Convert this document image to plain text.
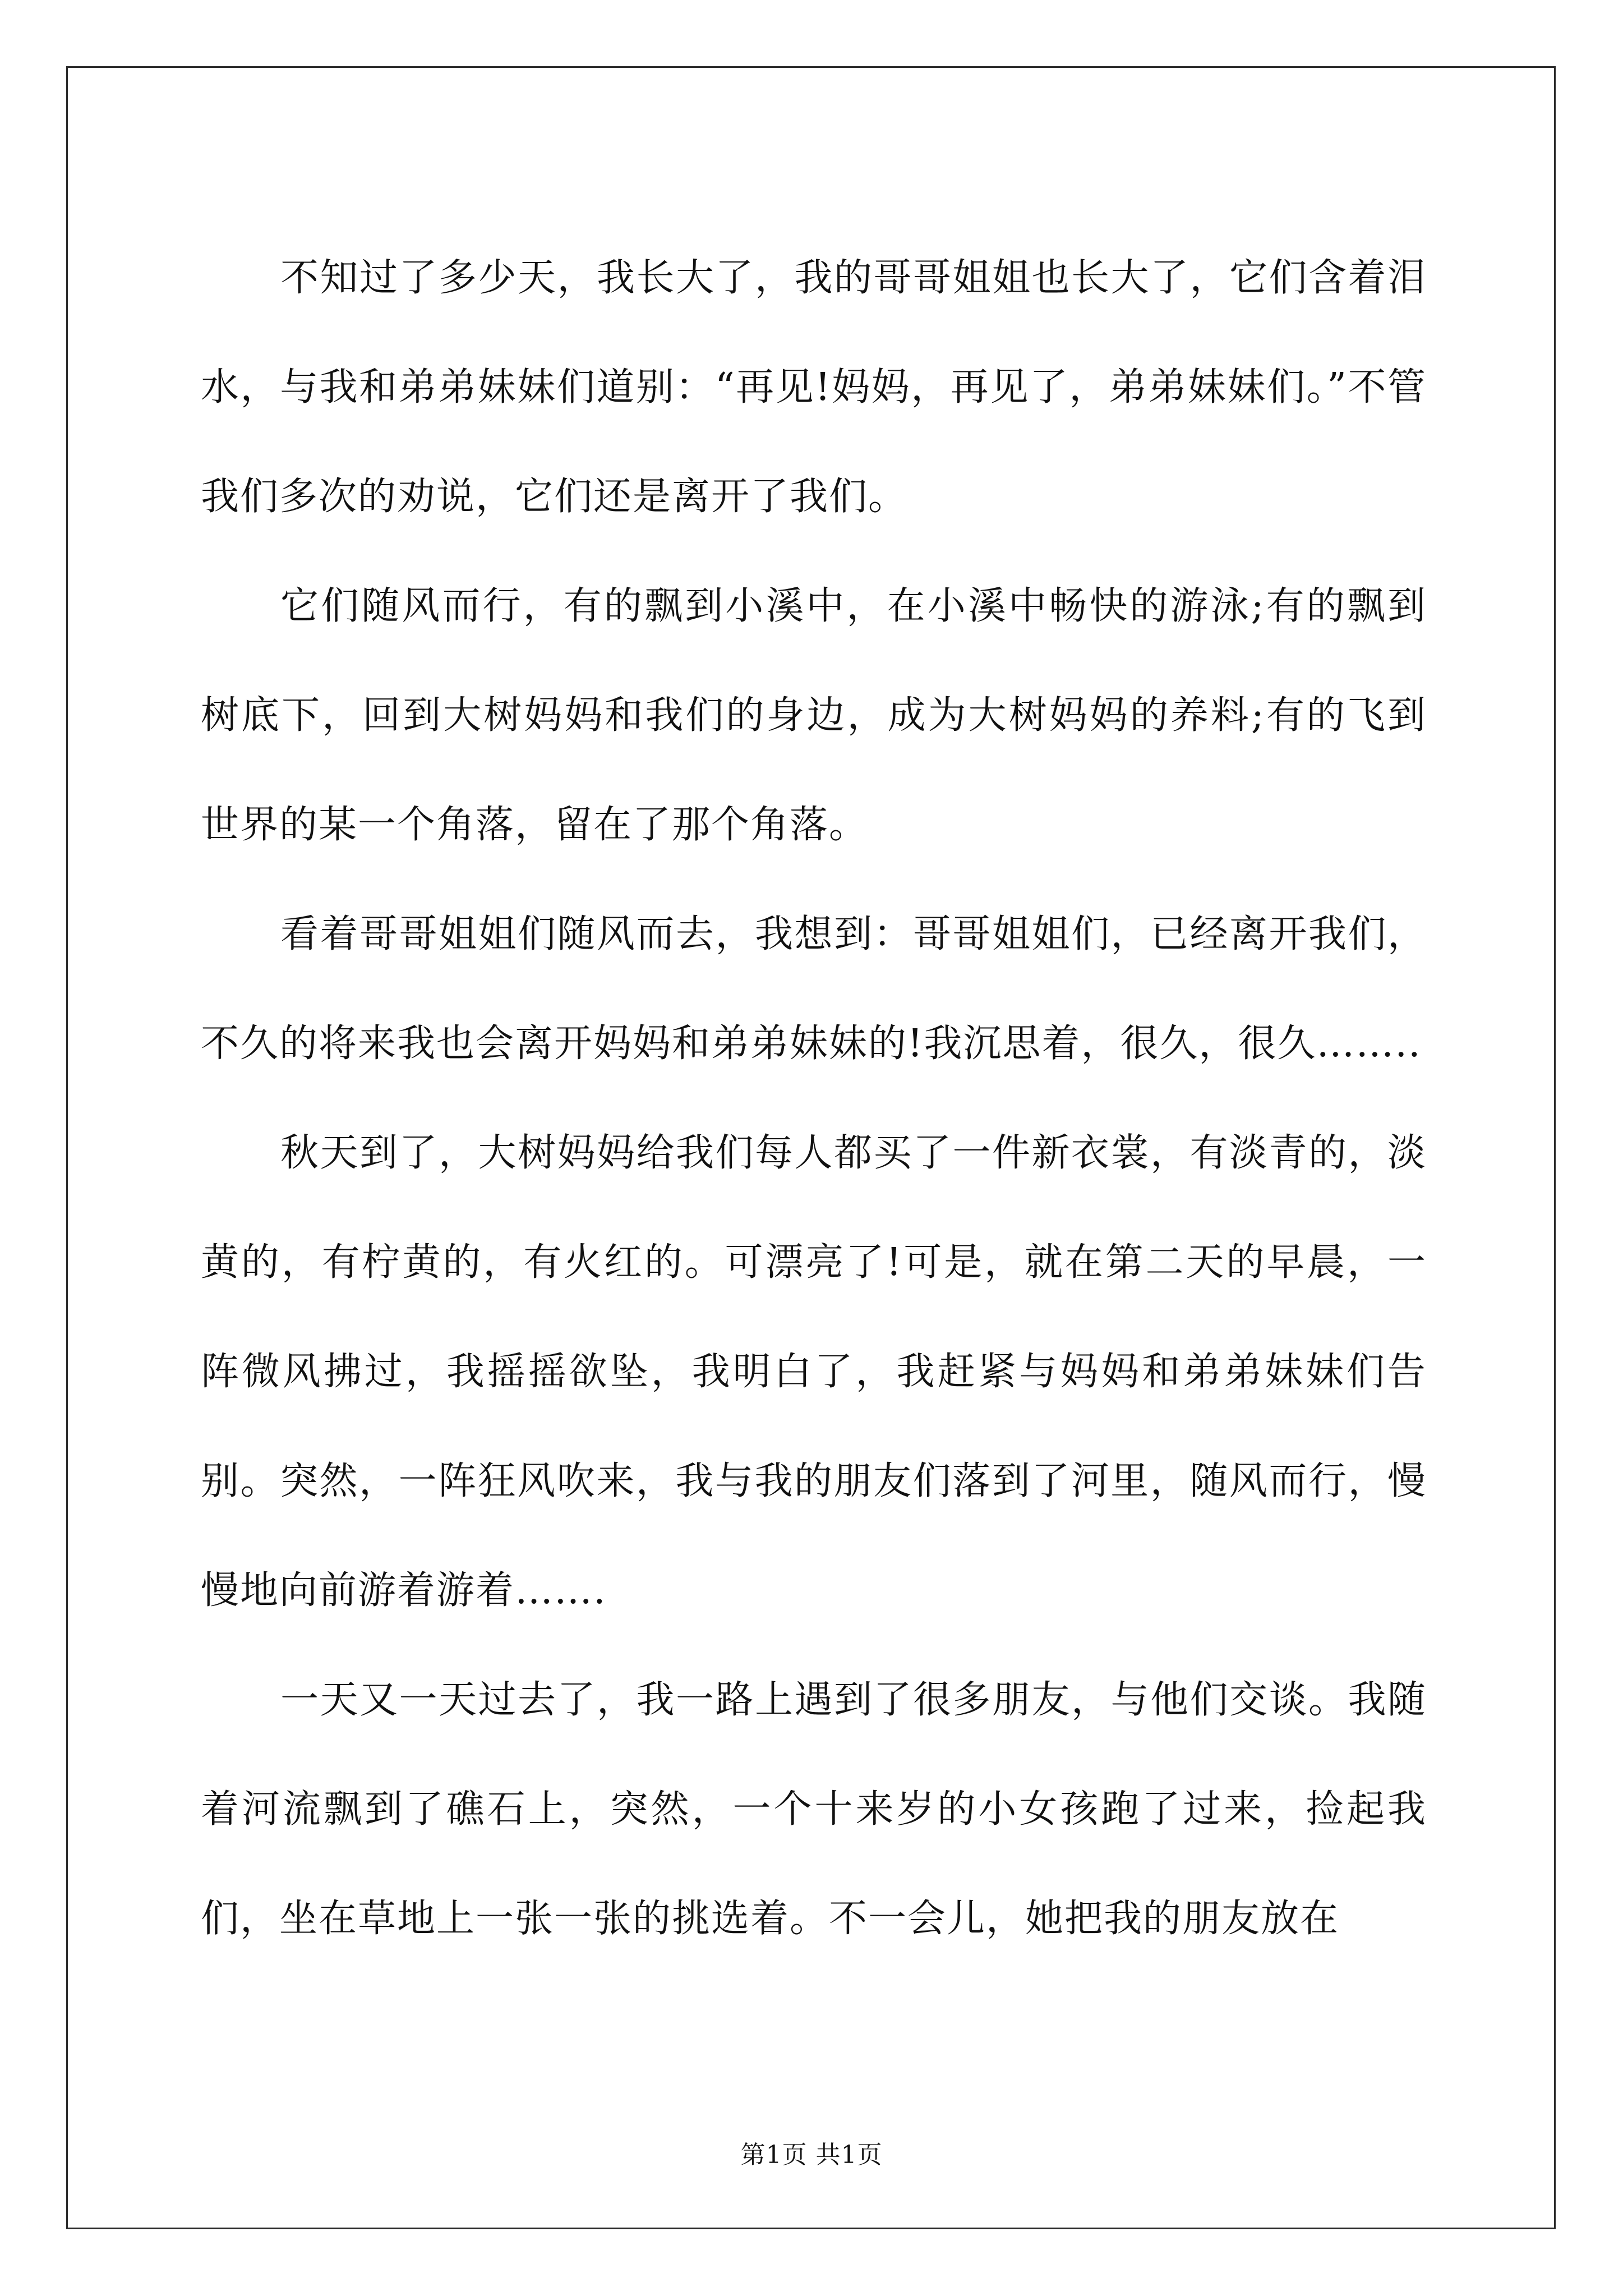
不知过了多少天，我长大了，我的哥哥姐姐也长大了，它们含着泪水，与我和弟弟妹妹们道别：“再见!妈妈，再见了，弟弟妹妹们。”不管我们多次的劝说，它们还是离开了我们。

它们随风而行，有的飘到小溪中，在小溪中畅快的游泳;有的飘到树底下，回到大树妈妈和我们的身边，成为大树妈妈的养料;有的飞到世界的某一个角落，留在了那个角落。

看着哥哥姐姐们随风而去，我想到：哥哥姐姐们，已经离开我们，不久的将来我也会离开妈妈和弟弟妹妹的!我沉思着，很久，很久……..

秋天到了，大树妈妈给我们每人都买了一件新衣裳，有淡青的，淡黄的，有柠黄的，有火红的。可漂亮了!可是，就在第二天的早晨，一阵微风拂过，我摇摇欲坠，我明白了，我赶紧与妈妈和弟弟妹妹们告别。突然，一阵狂风吹来，我与我的朋友们落到了河里，随风而行，慢慢地向前游着游着…….

一天又一天过去了，我一路上遇到了很多朋友，与他们交谈。我随着河流飘到了礁石上，突然，一个十来岁的小女孩跑了过来，捡起我们，坐在草地上一张一张的挑选着。不一会儿，她把我的朋友放在

第1页 共1页
